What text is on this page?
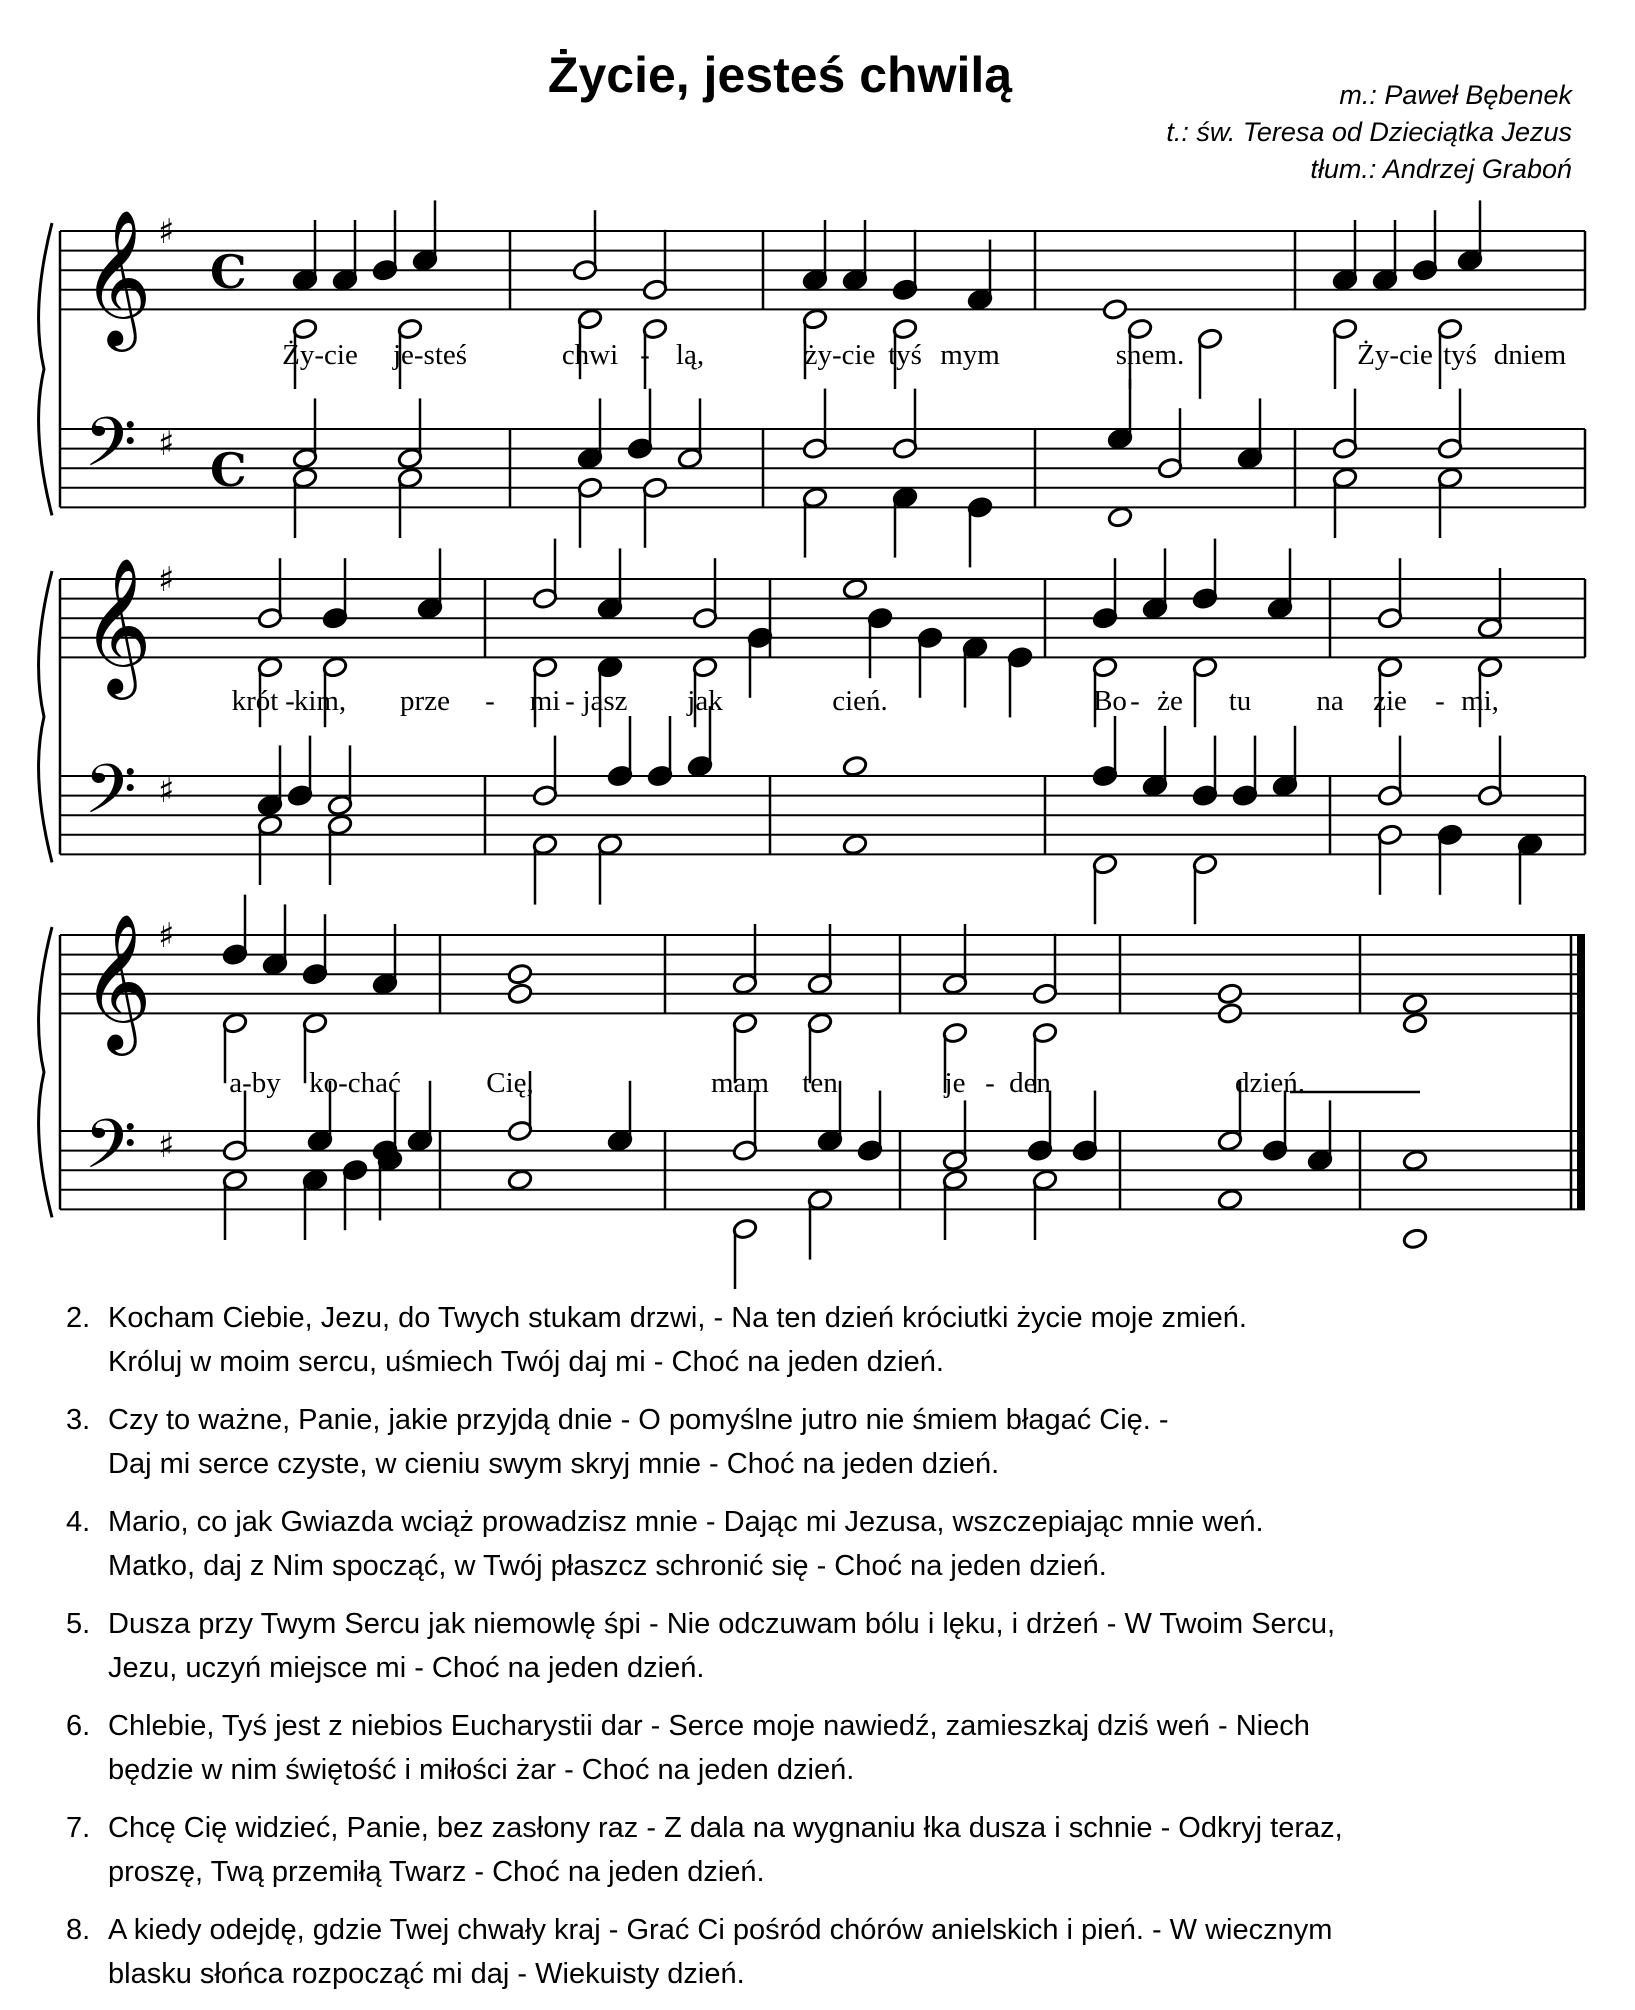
Życie, jesteś chwilą	m.: Paweł Bębenek
t.: św. Teresa od Dzieciątka Jezus
tłum.: Andrzej Graboń
𝄞
𝄢
♯
♯
C
C
Ży-cie je-steś	chwi - lą,	ży-cie tyś mym	snem.	Ży-cie tyś dniem
𝄞
𝄢
♯
♯
krót -
kim, prze - mi - jasz jak	cień.	Bo - że tu na zie - mi,
𝄞
𝄢
♯
♯
a-by ko-chać	Cię,	mam ten	je - den	dzień.
2. Kocham Ciebie, Jezu, do Twych stukam drzwi, - Na ten dzień króciutki życie moje zmień.
Króluj w moim sercu, uśmiech Twój daj mi - Choć na jeden dzień.
3. Czy to ważne, Panie, jakie przyjdą dnie - O pomyślne jutro nie śmiem błagać Cię. -
Daj mi serce czyste, w cieniu swym skryj mnie - Choć na jeden dzień.
4. Mario, co jak Gwiazda wciąż prowadzisz mnie - Dając mi Jezusa, wszczepiając mnie weń.
Matko, daj z Nim spocząć, w Twój płaszcz schronić się - Choć na jeden dzień.
5. Dusza przy Twym Sercu jak niemowlę śpi - Nie odczuwam bólu i lęku, i drżeń - W Twoim Sercu,
Jezu, uczyń miejsce mi - Choć na jeden dzień.
6. Chlebie, Tyś jest z niebios Eucharystii dar - Serce moje nawiedź, zamieszkaj dziś weń - Niech
będzie w nim świętość i miłości żar - Choć na jeden dzień.
7. Chcę Cię widzieć, Panie, bez zasłony raz - Z dala na wygnaniu łka dusza i schnie - Odkryj teraz,
proszę, Twą przemiłą Twarz - Choć na jeden dzień.
8. A kiedy odejdę, gdzie Twej chwały kraj - Grać Ci pośród chórów anielskich i pień. - W wiecznym
blasku słońca rozpocząć mi daj - Wiekuisty dzień.
